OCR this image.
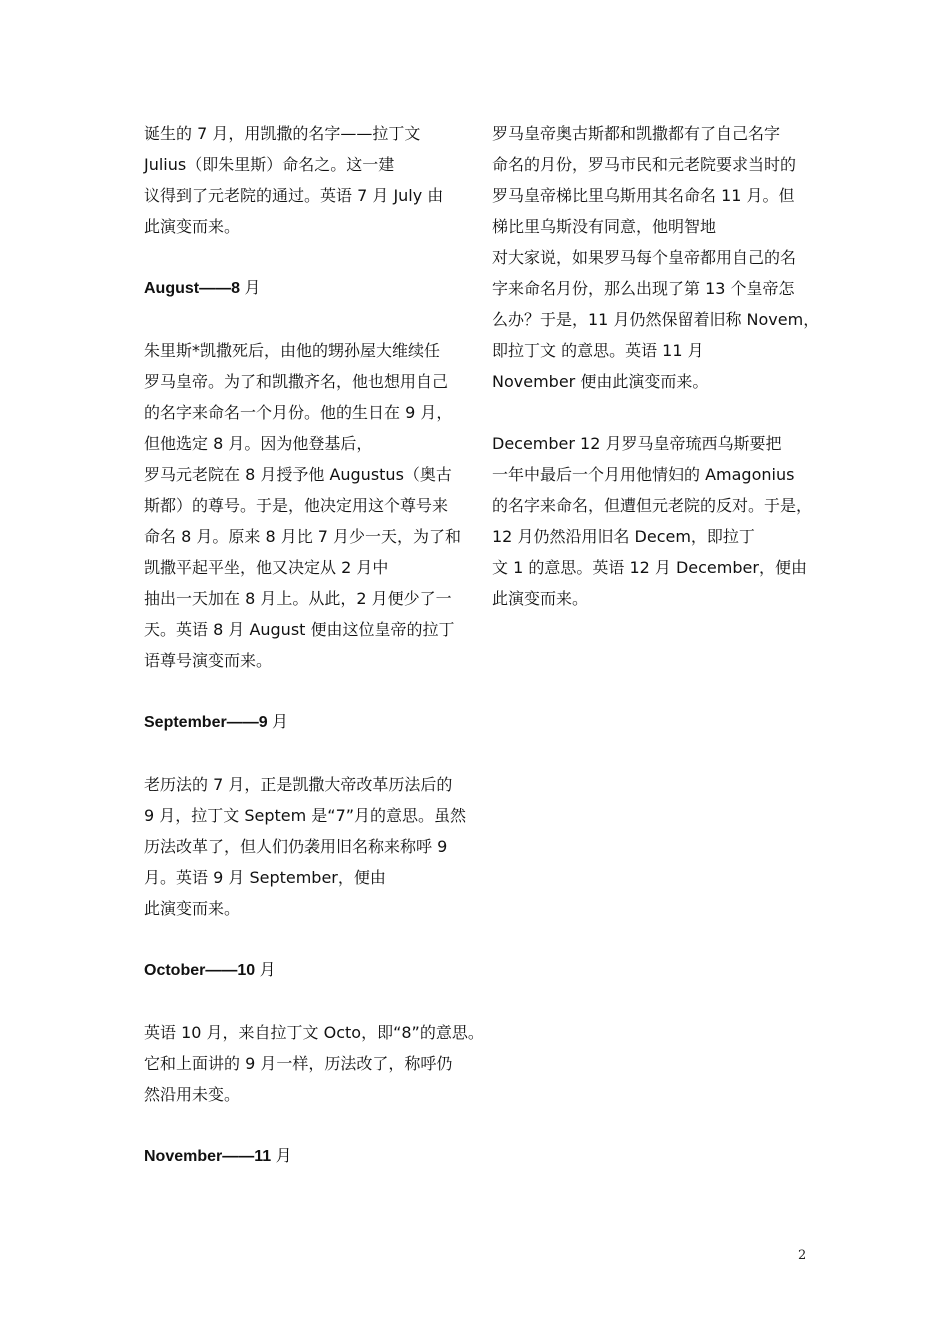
诞生的 7 月，用凯撒的名字——拉丁文
Julius（即朱里斯）命名之。这一建
议得到了元老院的通过。英语 7 月 July 由
此演变而来。
August——8 月
朱里斯*凯撒死后，由他的甥孙屋大维续任
罗马皇帝。为了和凯撒齐名，他也想用自己
的名字来命名一个月份。他的生日在 9 月，
但他选定 8 月。因为他登基后，
罗马元老院在 8 月授予他 Augustus（奥古
斯都）的尊号。于是，他决定用这个尊号来
命名 8 月。原来 8 月比 7 月少一天，为了和
凯撒平起平坐，他又决定从 2 月中
抽出一天加在 8 月上。从此，2 月便少了一
天。英语 8 月 August 便由这位皇帝的拉丁
语尊号演变而来。
September——9 月
老历法的 7 月，正是凯撒大帝改革历法后的
9 月，拉丁文 Septem 是“7”月的意思。虽然
历法改革了，但人们仍袭用旧名称来称呼 9
月。英语 9 月 September，便由
此演变而来。
October——10 月
英语 10 月，来自拉丁文 Octo，即“8”的意思。
它和上面讲的 9 月一样，历法改了，称呼仍
然沿用未变。
November——11 月
罗马皇帝奥古斯都和凯撒都有了自己名字
命名的月份，罗马市民和元老院要求当时的
罗马皇帝梯比里乌斯用其名命名 11 月。但
梯比里乌斯没有同意，他明智地
对大家说，如果罗马每个皇帝都用自己的名
字来命名月份，那么出现了第 13 个皇帝怎
么办？于是，11 月仍然保留着旧称 Novem，
即拉丁文 的意思。英语 11 月
November 便由此演变而来。
December 12 月罗马皇帝琉西乌斯要把
一年中最后一个月用他情妇的 Amagonius
的名字来命名，但遭但元老院的反对。于是，
12 月仍然沿用旧名 Decem，即拉丁
文 1 的意思。英语 12 月 December，便由
此演变而来。
2
